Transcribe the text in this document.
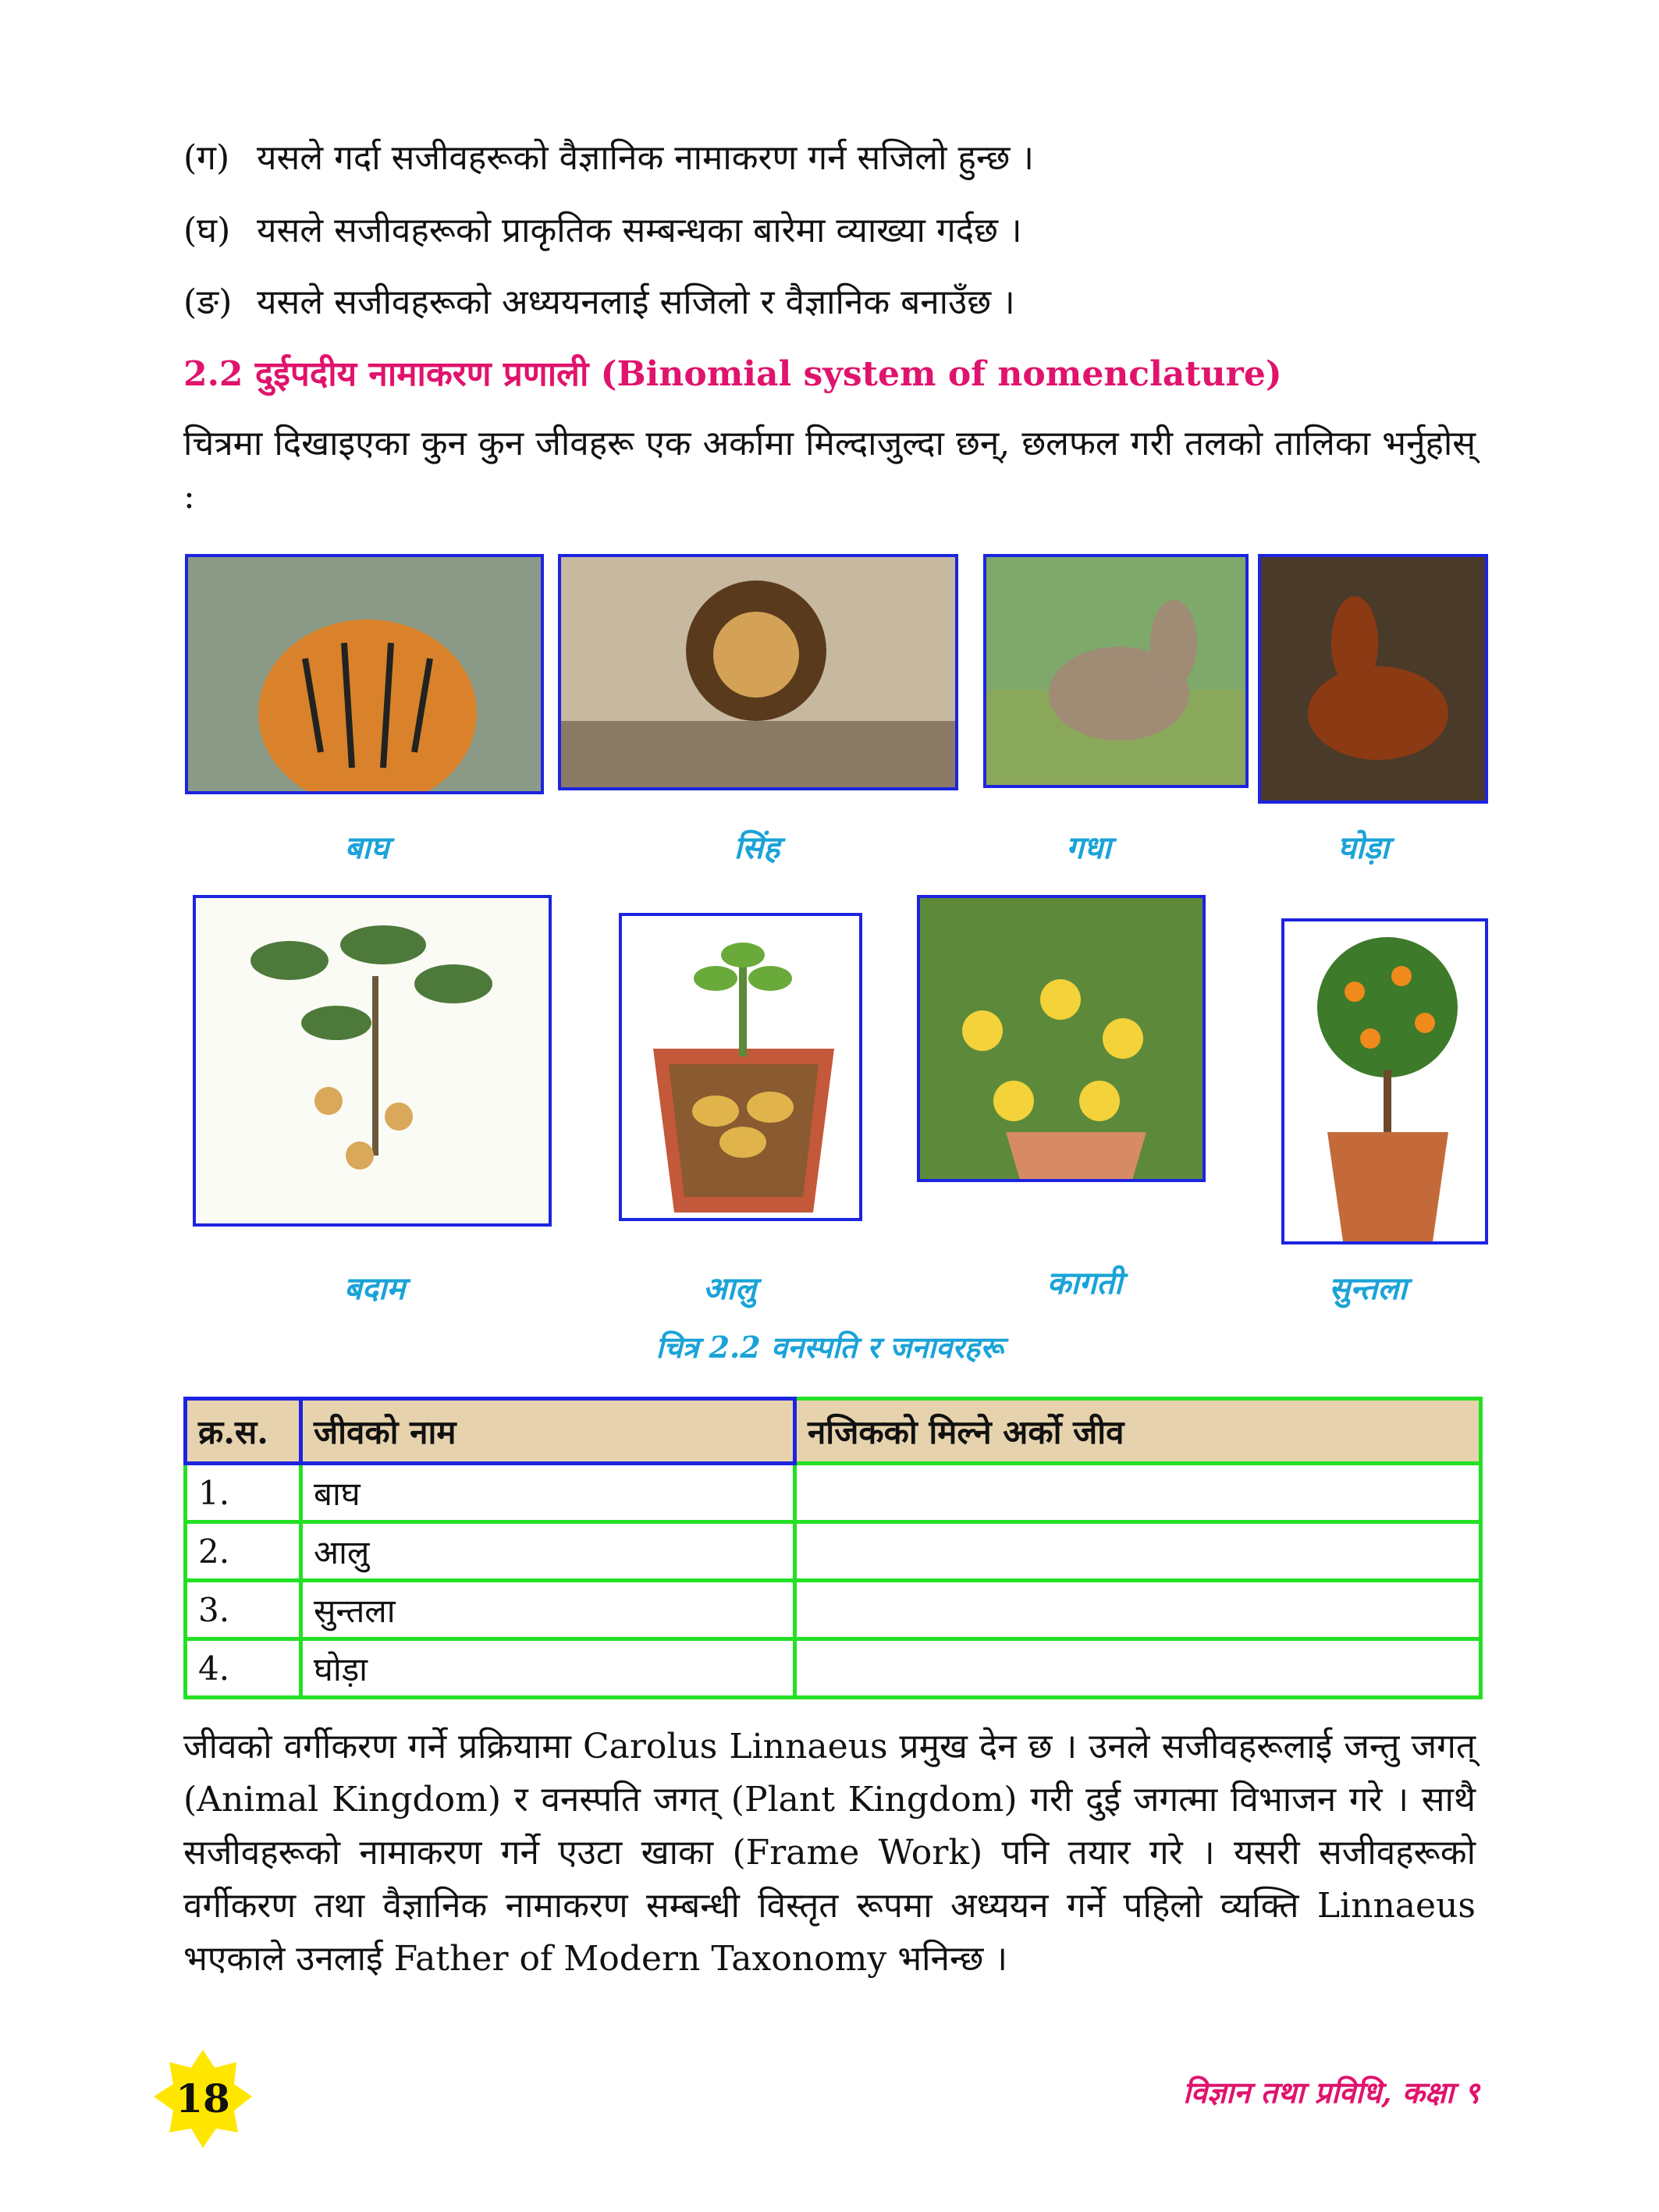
(ग) यसले गर्दा सजीवहरूको वैज्ञानिक नामाकरण गर्न सजिलो हुन्छ ।
(घ) यसले सजीवहरूको प्राकृतिक सम्बन्धका बारेमा व्याख्या गर्दछ ।
(ङ) यसले सजीवहरूको अध्ययनलाई सजिलो र वैज्ञानिक बनाउँछ ।
2.2 दुईपदीय नामाकरण प्रणाली (Binomial system of nomenclature)
चित्रमा दिखाइएका कुन कुन जीवहरू एक अर्कामा मिल्दाजुल्दा छन्, छलफल गरी तलको तालिका भर्नुहोस् :
बाघ	सिंह	गधा	घोड़ा
बदाम	आलु	कागती	सुन्तला
चित्र 2.2 वनस्पति र जनावरहरू
क्र.स.	जीवको नाम	नजिकको मिल्ने अर्को जीव
1.	बाघ	
2.	आलु	
3.	सुन्तला	
4.	घोड़ा	
जीवको वर्गीकरण गर्ने प्रक्रियामा Carolus Linnaeus प्रमुख देन छ । उनले सजीवहरूलाई जन्तु जगत् (Animal Kingdom) र वनस्पति जगत् (Plant Kingdom) गरी दुई जगत्मा विभाजन गरे । साथै सजीवहरूको नामाकरण गर्ने एउटा खाका (Frame Work) पनि तयार गरे । यसरी सजीवहरूको वर्गीकरण तथा वैज्ञानिक नामाकरण सम्बन्धी विस्तृत रूपमा अध्ययन गर्ने पहिलो व्यक्ति Linnaeus भएकाले उनलाई Father of Modern Taxonomy भनिन्छ ।
18	विज्ञान तथा प्रविधि, कक्षा ९
